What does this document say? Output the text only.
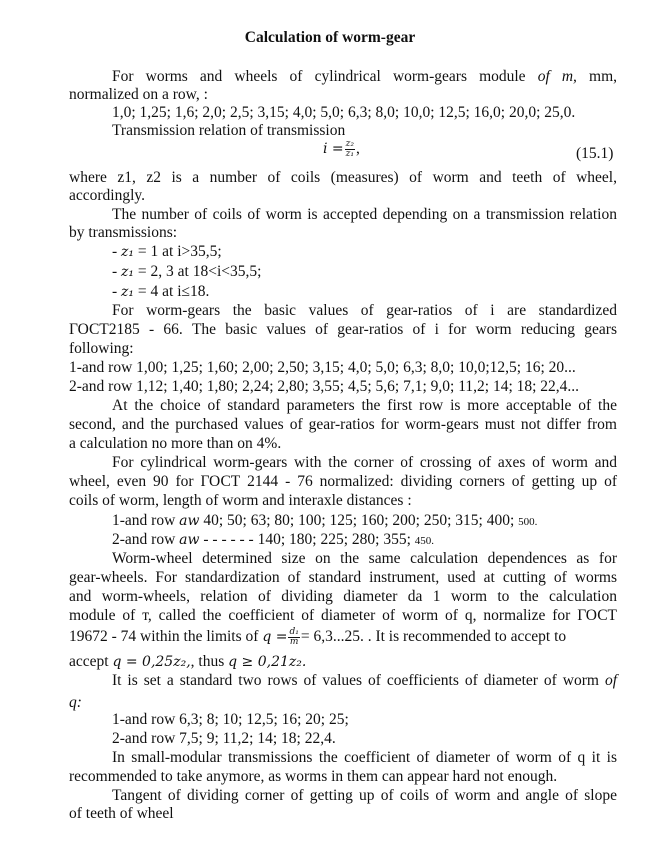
Calculation of worm-gear
For worms and wheels of cylindrical worm-gears module of m, mm,
normalized on a row, :
1,0; 1,25; 1,6; 2,0; 2,5; 3,15; 4,0; 5,0; 6,3; 8,0; 10,0; 12,5; 16,0; 20,0; 25,0.
Transmission relation of transmission
$i = \frac{\text{z₂}}{\text{z₁}}$ ,	(15.1)
where z1, z2 is a number of coils (measures) of worm and teeth of wheel,
accordingly.
The number of coils of worm is accepted depending on a transmission relation
by transmissions:
- z₁ = 1 at i>35,5;
- z₁ = 2, 3 at 18<i<35,5;
- z₁ = 4 at i≤18.
For worm-gears the basic values of gear-ratios of i are standardized
ГОСТ2185 - 66. The basic values of gear-ratios of i for worm reducing gears
following:
1-and row 1,00; 1,25; 1,60; 2,00; 2,50; 3,15; 4,0; 5,0; 6,3; 8,0; 10,0;12,5; 16; 20...
2-and row 1,12; 1,40; 1,80; 2,24; 2,80; 3,55; 4,5; 5,6; 7,1; 9,0; 11,2; 14; 18; 22,4...
At the choice of standard parameters the first row is more acceptable of the
second, and the purchased values of gear-ratios for worm-gears must not differ from
a calculation no more than on 4%.
For cylindrical worm-gears with the corner of crossing of axes of worm and
wheel, even 90 for ГОСТ 2144 - 76 normalized: dividing corners of getting up of
coils of worm, length of worm and interaxle distances :
1-and row aw 40; 50; 63; 80; 100; 125; 160; 200; 250; 315; 400; 500.
2-and row aw - - - - - - 140; 180; 225; 280; 355; 450.
Worm-wheel determined size on the same calculation dependences as for
gear-wheels. For standardization of standard instrument, used at cutting of worms
and worm-wheels, relation of dividing diameter da 1 worm to the calculation
module of т, called the coefficient of diameter of worm of q, normalize for ГОСТ
19672 - 74 within the limits of $q = \frac{\text{d₁}}{m} = 6,3...25$. . It is recommended to accept to
accept q = 0,25z₂,, thus q ≥ 0,21z₂.
It is set a standard two rows of values of coefficients of diameter of worm of
q:
1-and row 6,3; 8; 10; 12,5; 16; 20; 25;
2-and row 7,5; 9; 11,2; 14; 18; 22,4.
In small-modular transmissions the coefficient of diameter of worm of q it is
recommended to take anymore, as worms in them can appear hard not enough.
Tangent of dividing corner of getting up of coils of worm and angle of slope
of teeth of wheel
